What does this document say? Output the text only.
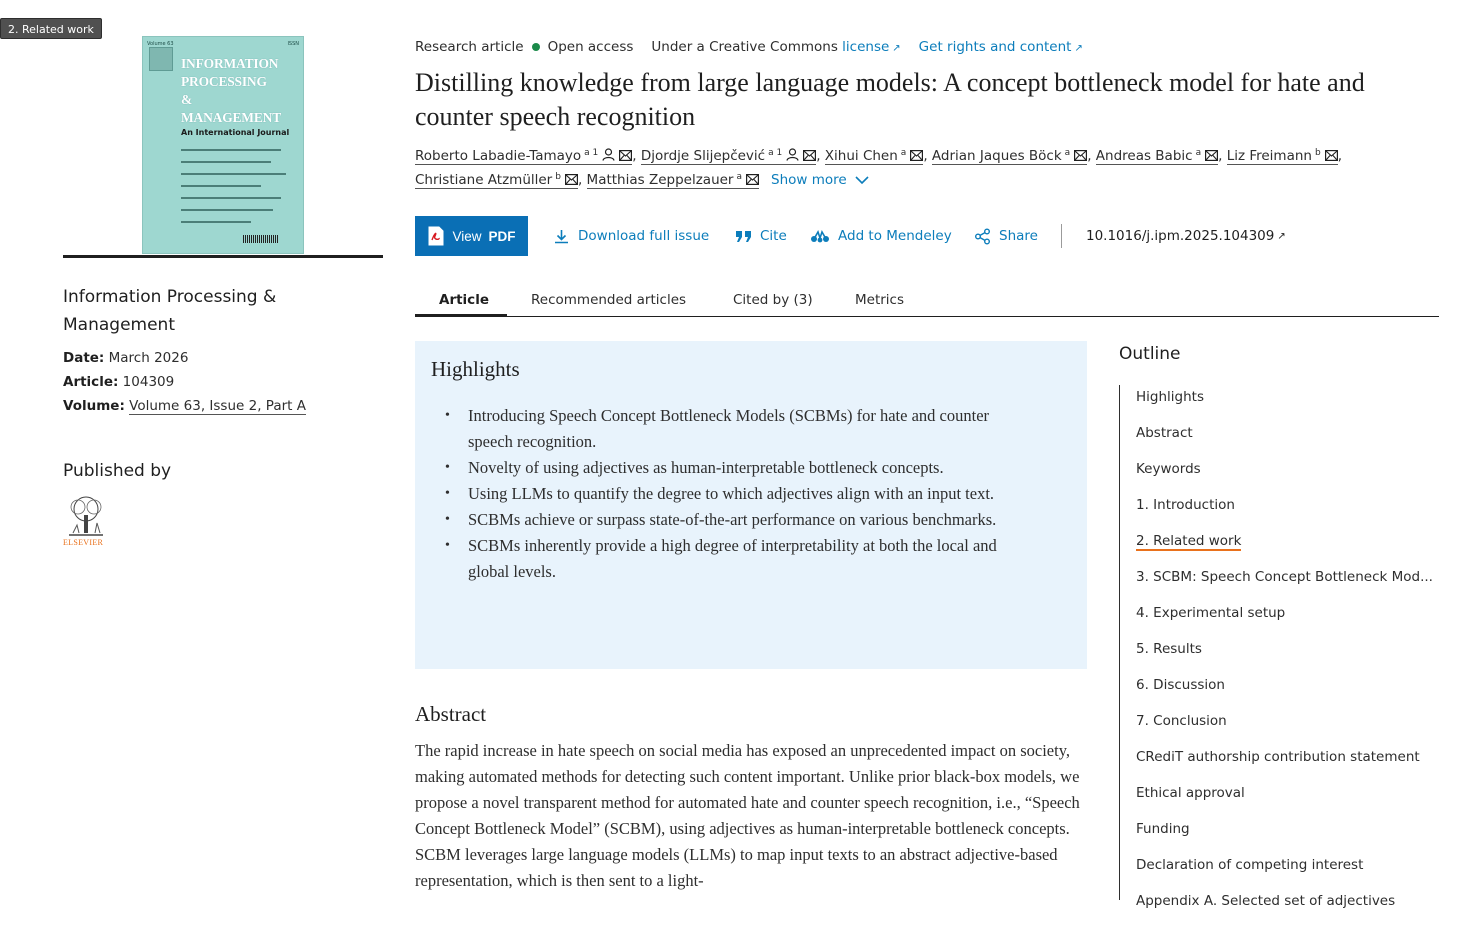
2. Related work
Volume 63	ISSN
INFORMATION
PROCESSING
&
MANAGEMENT
An International Journal
Information Processing & Management
Date: March 2026
Article: 104309
Volume: Volume 63, Issue 2, Part A
Published by
ELSEVIER
Research article Open access Under a Creative Commons
license ↗ Get rights and content ↗
Distilling knowledge from large language models: A concept bottleneck model for hate and counter speech recognition
Roberto Labadie-Tamayo $^{a 1}$	, Djordje Slijepčević $^{a 1}$	, Xihui Chen $^a$ , Adrian Jaques Böck $^a$ , Andreas Babic $^a$ , Liz Freimann $^b$ , Christiane Atzmüller $^b$ , Matthias Zeppelzauer $^a$ Show more
View PDF	Download full issue	Cite	Add to Mendeley	Share	10.1016/j.ipm.2025.104309 ↗
Article	Recommended articles	Cited by (3)	Metrics
Highlights
• Introducing Speech Concept Bottleneck Models (SCBMs) for hate and counter speech recognition.
• Novelty of using adjectives as human-interpretable bottleneck concepts.
• Using LLMs to quantify the degree to which adjectives align with an input text.
• SCBMs achieve or surpass state-of-the-art performance on various benchmarks.
• SCBMs inherently provide a high degree of interpretability at both the local and global levels.
Abstract
The rapid increase in hate speech on social media has exposed an unprecedented impact on society, making automated methods for detecting such content important. Unlike prior black-box models, we propose a novel transparent method for automated hate and counter speech recognition, i.e., “Speech Concept Bottleneck Model” (SCBM), using adjectives as human-interpretable bottleneck concepts. SCBM leverages large language models (LLMs) to map input texts to an abstract adjective-based representation, which is then sent to a light-
Outline
Highlights
Abstract
Keywords
1. Introduction
2. Related work
3. SCBM: Speech Concept Bottleneck Mod...
4. Experimental setup
5. Results
6. Discussion
7. Conclusion
CRediT authorship contribution statement
Ethical approval
Funding
Declaration of competing interest
Appendix A. Selected set of adjectives
